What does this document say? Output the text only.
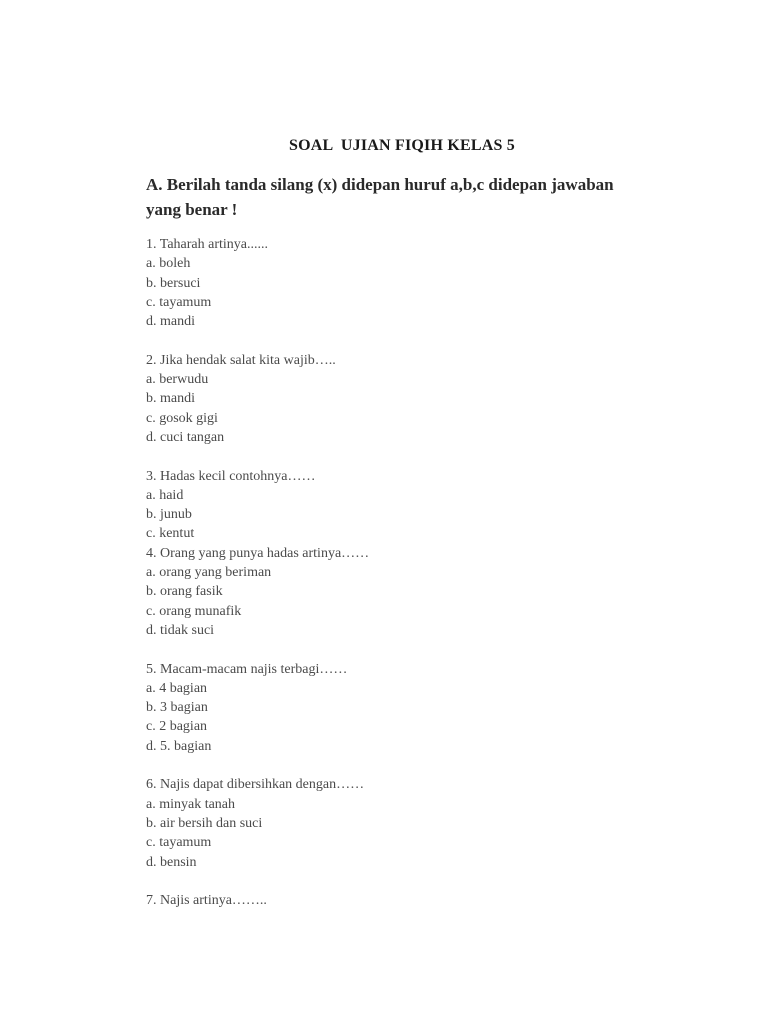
SOAL  UJIAN FIQIH KELAS 5
A. Berilah tanda silang (x) didepan huruf a,b,c didepan jawaban yang benar !
1. Taharah artinya......
a. boleh
b. bersuci
c. tayamum
d. mandi
2. Jika hendak salat kita wajib…..
a. berwudu
b. mandi
c. gosok gigi
d. cuci tangan
3. Hadas kecil contohnya……
a. haid
b. junub
c. kentut
4. Orang yang punya hadas artinya……
a. orang yang beriman
b. orang fasik
c. orang munafik
d. tidak suci
5. Macam-macam najis terbagi……
a. 4 bagian
b. 3 bagian
c. 2 bagian
d. 5. bagian
6. Najis dapat dibersihkan dengan……
a. minyak tanah
b. air bersih dan suci
c. tayamum
d. bensin
7. Najis artinya……..
